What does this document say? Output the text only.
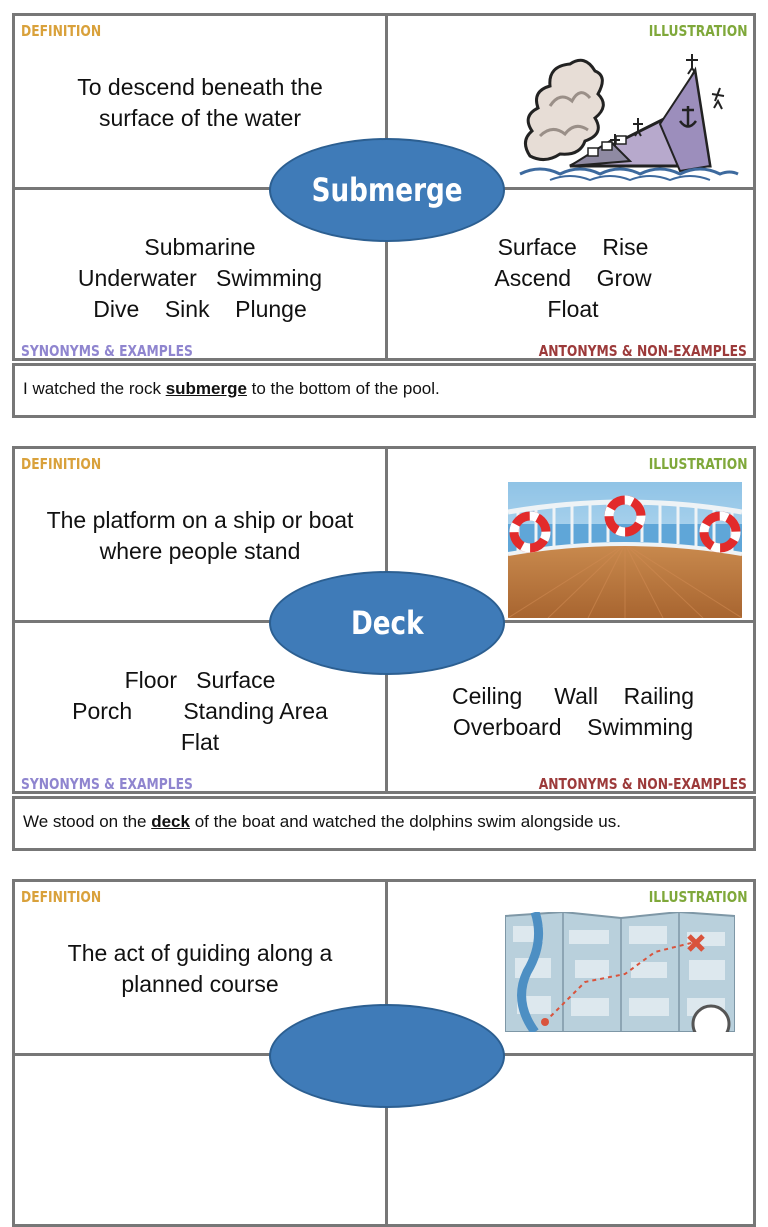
DEFINITION	ILLUSTRATION
To descend beneath the
surface of the water
Submarine
Underwater   Swimming
Dive    Sink    Plunge
Surface    Rise
Ascend    Grow
Float
SYNONYMS & EXAMPLES	ANTONYMS & NON-EXAMPLES
Submerge
I watched the rock submerge to the bottom of the pool.
DEFINITION	ILLUSTRATION
The platform on a ship or boat
where people stand
Floor   Surface
Porch        Standing Area
Flat
Ceiling     Wall    Railing
Overboard    Swimming
SYNONYMS & EXAMPLES	ANTONYMS & NON-EXAMPLES
Deck
We stood on the deck of the boat and watched the dolphins swim alongside us.
DEFINITION	ILLUSTRATION
The act of guiding along a
planned course
